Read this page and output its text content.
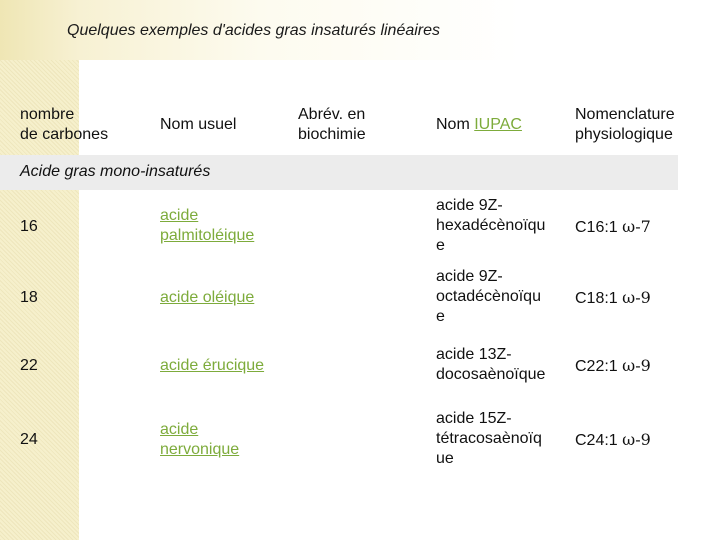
Quelques exemples d'acides gras insaturés linéaires
nombre
de carbones
Nom usuel
Abrév. en
biochimie
Nom IUPAC
Nomenclature
physiologique
Acide gras mono-insaturés
16
acide
palmitoléique
acide 9Z-
hexadécènoïqu
e
C16:1 ω-7
18	acide oléique
acide 9Z-
octadécènoïqu
e
C18:1 ω-9
22	acide érucique
acide 13Z-
docosaènoïque C22:1 ω-9
24
acide
nervonique
acide 15Z-
tétracosaènoïq
ue
C24:1 ω-9
